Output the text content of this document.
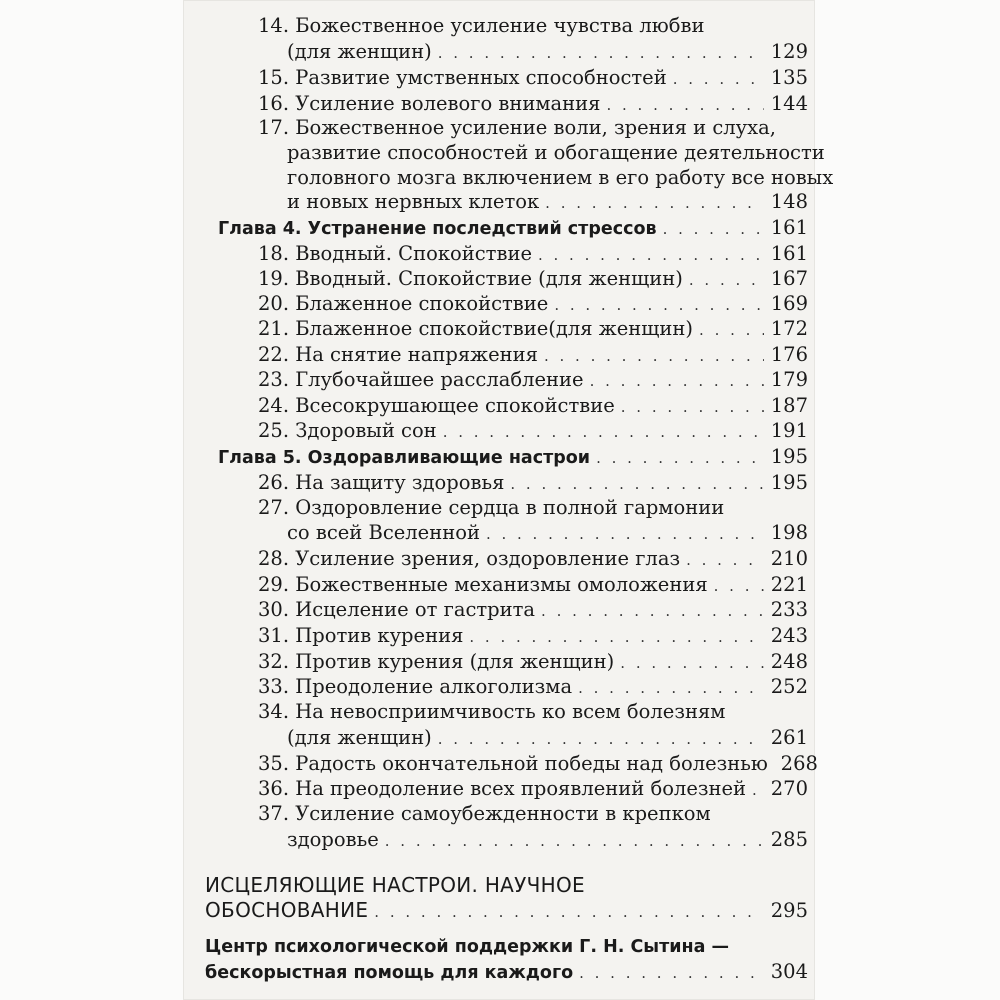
14. Божественное усиление чувства любви
(для женщин) . . .	129
15. Развитие умственных способностей . . .	135
16. Усиление волевого внимания . . .	144
17. Божественное усиление воли, зрения и слуха,
развитие способностей и обогащение деятельности
головного мозга включением в его работу все новых
и новых нервных клеток . . .	148
Глава 4. Устранение последствий стрессов . . .	161
18. Вводный. Спокойствие . . .	161
19. Вводный. Спокойствие (для женщин) . . .	167
20. Блаженное спокойствие . . .	169
21. Блаженное спокойствие(для женщин) . . .	172
22. На снятие напряжения . . .	176
23. Глубочайшее расслабление . . .	179
24. Всесокрушающее спокойствие . . .	187
25. Здоровый сон . . .	191
Глава 5. Оздоравливающие настрои . . .	195
26. На защиту здоровья . . .	195
27. Оздоровление сердца в полной гармонии
со всей Вселенной . . .	198
28. Усиление зрения, оздоровление глаз . . .	210
29. Божественные механизмы омоложения . . .	221
30. Исцеление от гастрита . . .	233
31. Против курения . . .	243
32. Против курения (для женщин) . . .	248
33. Преодоление алкоголизма . . .	252
34. На невосприимчивость ко всем болезням
(для женщин) . . .	261
35. Радость окончательной победы над болезнью 268
36. На преодоление всех проявлений болезней . . . 270
37. Усиление самоубежденности в крепком
здоровье . . .	285
ИСЦЕЛЯЮЩИЕ НАСТРОИ. НАУЧНОЕ
ОБОСНОВАНИЕ . . .	295
Центр психологической поддержки Г. Н. Сытина —
бескорыстная помощь для каждого . . .	304
